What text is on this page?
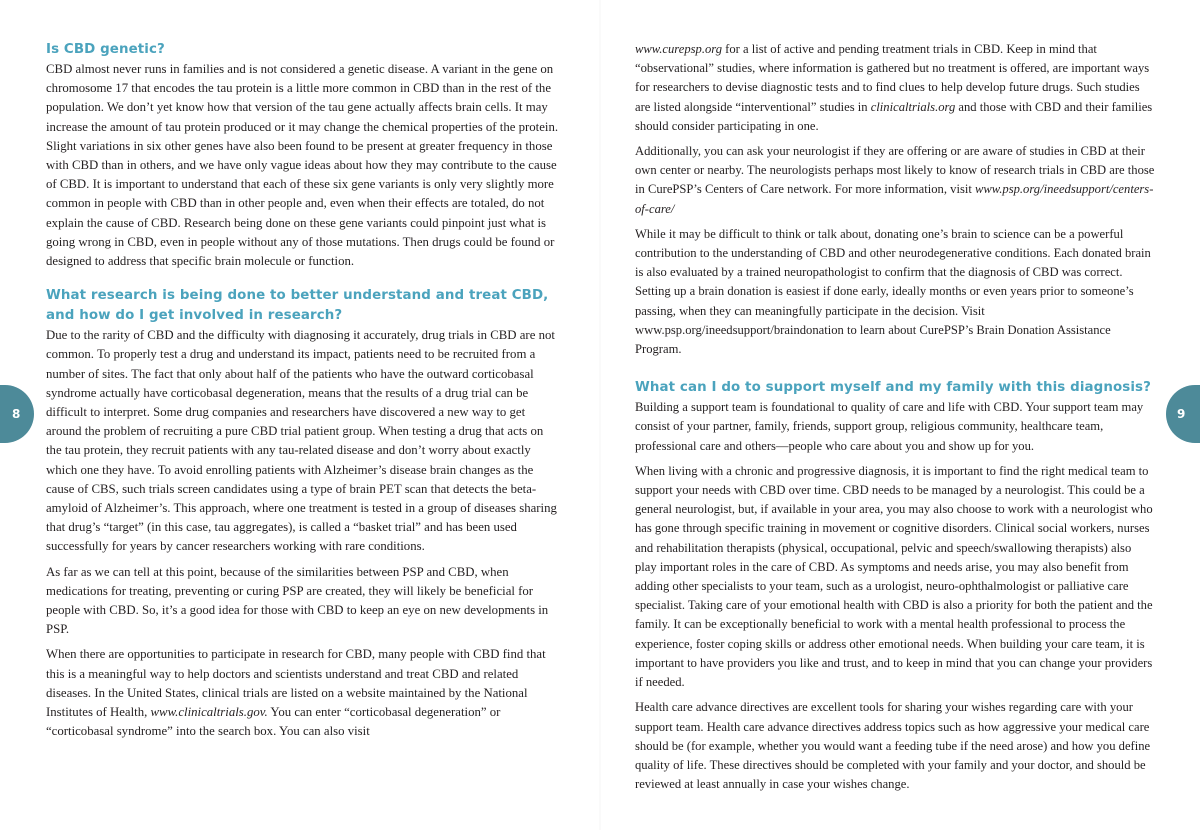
8
Is CBD genetic?

CBD almost never runs in families and is not considered a genetic disease. A variant in the gene on chromosome 17 that encodes the tau protein is a little more common in CBD than in the rest of the population. We don’t yet know how that version of the tau gene actually affects brain cells. It may increase the amount of tau protein produced or it may change the chemical properties of the protein. Slight variations in six other genes have also been found to be present at greater frequency in those with CBD than in others, and we have only vague ideas about how they may contribute to the cause of CBD. It is important to understand that each of these six gene variants is only very slightly more common in people with CBD than in other people and, even when their effects are totaled, do not explain the cause of CBD. Research being done on these gene variants could pinpoint just what is going wrong in CBD, even in people without any of those mutations. Then drugs could be found or designed to address that specific brain molecule or function.

What research is being done to better understand and treat CBD, and how do I get involved in research?

Due to the rarity of CBD and the difficulty with diagnosing it accurately, drug trials in CBD are not common. To properly test a drug and understand its impact, patients need to be recruited from a number of sites. The fact that only about half of the patients who have the outward corticobasal syndrome actually have corticobasal degeneration, means that the results of a drug trial can be difficult to interpret. Some drug companies and researchers have discovered a new way to get around the problem of recruiting a pure CBD trial patient group. When testing a drug that acts on the tau protein, they recruit patients with any tau-related disease and don’t worry about exactly which one they have. To avoid enrolling patients with Alzheimer’s disease brain changes as the cause of CBS, such trials screen candidates using a type of brain PET scan that detects the beta-amyloid of Alzheimer’s. This approach, where one treatment is tested in a group of diseases sharing that drug’s “target” (in this case, tau aggregates), is called a “basket trial” and has been used successfully for years by cancer researchers working with rare conditions.

As far as we can tell at this point, because of the similarities between PSP and CBD, when medications for treating, preventing or curing PSP are created, they will likely be beneficial for people with CBD. So, it’s a good idea for those with CBD to keep an eye on new developments in PSP.

When there are opportunities to participate in research for CBD, many people with CBD find that this is a meaningful way to help doctors and scientists understand and treat CBD and related diseases. In the United States, clinical trials are listed on a website maintained by the National Institutes of Health, www.clinicaltrials.gov. You can enter “corticobasal degeneration” or “corticobasal syndrome” into the search box. You can also visit

9

www.curepsp.org for a list of active and pending treatment trials in CBD. Keep in mind that “observational” studies, where information is gathered but no treatment is offered, are important ways for researchers to devise diagnostic tests and to find clues to help develop future drugs. Such studies are listed alongside “interventional” studies in clinicaltrials.org and those with CBD and their families should consider participating in one.

Additionally, you can ask your neurologist if they are offering or are aware of studies in CBD at their own center or nearby. The neurologists perhaps most likely to know of research trials in CBD are those in CurePSP’s Centers of Care network. For more information, visit www.psp.org/ineedsupport/centers-of-care/

While it may be difficult to think or talk about, donating one’s brain to science can be a powerful contribution to the understanding of CBD and other neurodegenerative conditions. Each donated brain is also evaluated by a trained neuropathologist to confirm that the diagnosis of CBD was correct. Setting up a brain donation is easiest if done early, ideally months or even years prior to someone’s passing, when they can meaningfully participate in the decision. Visit www.psp.org/ineedsupport/braindonation to learn about CurePSP’s Brain Donation Assistance Program.

What can I do to support myself and my family with this diagnosis?

Building a support team is foundational to quality of care and life with CBD. Your support team may consist of your partner, family, friends, support group, religious community, healthcare team, professional care and others—people who care about you and show up for you.

When living with a chronic and progressive diagnosis, it is important to find the right medical team to support your needs with CBD over time. CBD needs to be managed by a neurologist. This could be a general neurologist, but, if available in your area, you may also choose to work with a neurologist who has gone through specific training in movement or cognitive disorders. Clinical social workers, nurses and rehabilitation therapists (physical, occupational, pelvic and speech/swallowing therapists) also play important roles in the care of CBD. As symptoms and needs arise, you may also benefit from adding other specialists to your team, such as a urologist, neuro-ophthalmologist or palliative care specialist. Taking care of your emotional health with CBD is also a priority for both the patient and the family. It can be exceptionally beneficial to work with a mental health professional to process the experience, foster coping skills or address other emotional needs. When building your care team, it is important to have providers you like and trust, and to keep in mind that you can change your providers if needed.

Health care advance directives are excellent tools for sharing your wishes regarding care with your support team. Health care advance directives address topics such as how aggressive your medical care should be (for example, whether you would want a feeding tube if the need arose) and how you define quality of life. These directives should be completed with your family and your doctor, and should be reviewed at least annually in case your wishes change.
